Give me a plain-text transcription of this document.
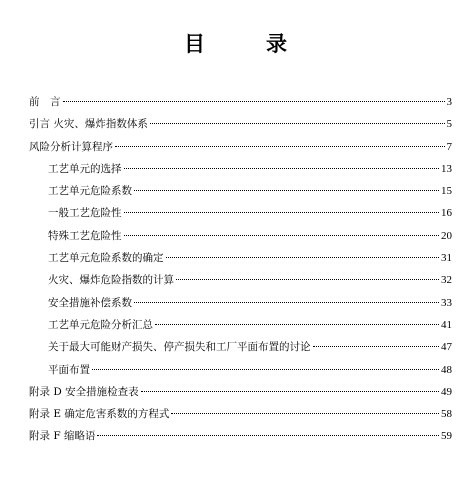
目　录
前　言	3
引言 火灾、爆炸指数体系	5
风险分析计算程序	7
工艺单元的选择	13
工艺单元危险系数	15
一般工艺危险性	16
特殊工艺危险性	20
工艺单元危险系数的确定	31
火灾、爆炸危险指数的计算	32
安全措施补偿系数	33
工艺单元危险分析汇总	41
关于最大可能财产损失、停产损失和工厂平面布置的讨论	47
平面布置	48
附录 D 安全措施检查表	49
附录 E 确定危害系数的方程式	58
附录 F 缩略语	59
